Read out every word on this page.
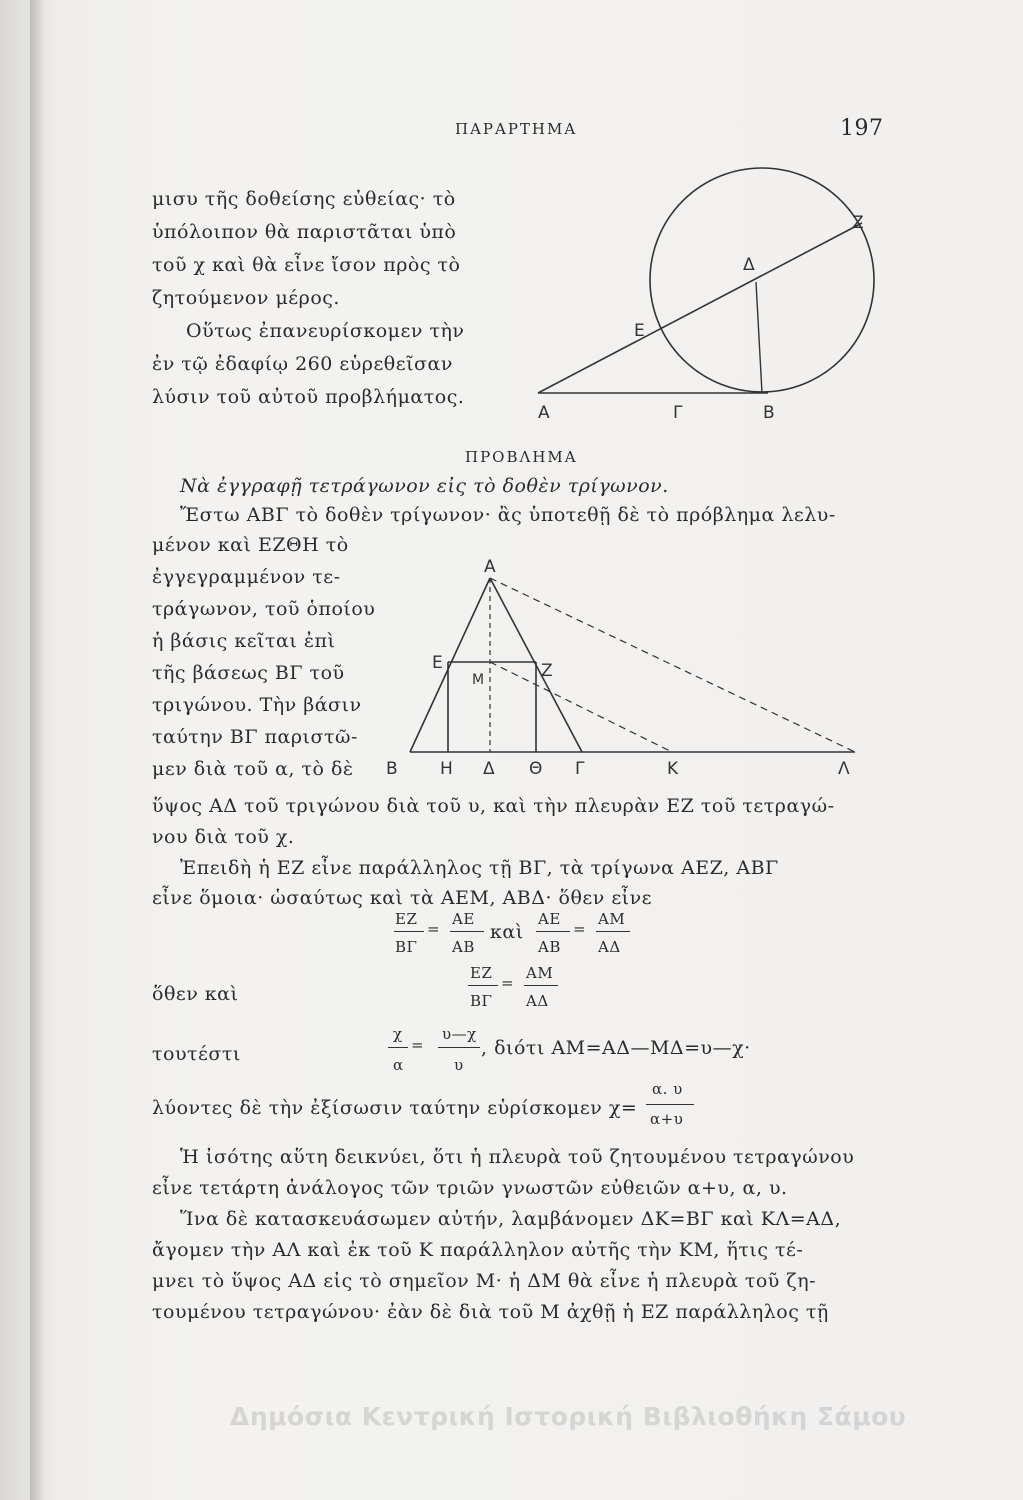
ΠΑΡΑΡΤΗΜΑ	197
μισυ τῆς δοθείσης εὐθείας· τὸ
ὑπόλοιπον θὰ παριστᾶται ὑπὸ
τοῦ χ καὶ θὰ εἶνε ἴσον πρὸς τὸ
ζητούμενον μέρος.
Οὕτως ἐπανευρίσκομεν τὴν
ἐν τῷ ἐδαφίῳ 260 εὑρεθεῖσαν
λύσιν τοῦ αὐτοῦ προβλήματος.
Α	Γ	Β
Ε
Δ
Ζ
ΠΡΟΒΛΗΜΑ
Νὰ ἐγγραφῇ τετράγωνον εἰς τὸ δοθὲν τρίγωνον.
Ἔστω ΑΒΓ τὸ δοθὲν τρίγωνον· ἂς ὑποτεθῇ δὲ τὸ πρόβλημα λελυ-
μένον καὶ ΕΖΘΗ τὸ
ἐγγεγραμμένον τε-
τράγωνον, τοῦ ὁποίου
ἡ βάσις κεῖται ἐπὶ
τῆς βάσεως ΒΓ τοῦ
τριγώνου. Τὴν βάσιν
ταύτην ΒΓ παριστῶ-
μεν διὰ τοῦ α, τὸ δὲ
ὕψος ΑΔ τοῦ τριγώνου διὰ τοῦ υ, καὶ τὴν πλευρὰν ΕΖ τοῦ τετραγώ-
νου διὰ τοῦ χ.
Ἐπειδὴ ἡ ΕΖ εἶνε παράλληλος τῇ ΒΓ, τὰ τρίγωνα ΑΕΖ, ΑΒΓ
εἶνε ὅμοια· ὡσαύτως καὶ τὰ ΑΕΜ, ΑΒΔ· ὅθεν εἶνε
Α
Ε
Μ	Ζ
Β Η Δ Θ Γ	Κ	Λ
ΕΖ
ΒΓ
=
ΑΕ
ΑΒ
καὶ
ΑΕ
ΑΒ
=
ΑΜ
ΑΔ
ὅθεν καὶ
ΕΖ
ΒΓ
=
ΑΜ
ΑΔ
τουτέστι
χ
α
=
υ—χ
υ
, διότι ΑΜ=ΑΔ—ΜΔ=υ—χ·
λύοντες δὲ τὴν ἐξίσωσιν ταύτην εὑρίσκομεν χ=
α. υ
α+υ
Ἡ ἰσότης αὕτη δεικνύει, ὅτι ἡ πλευρὰ τοῦ ζητουμένου τετραγώνου
εἶνε τετάρτη ἀνάλογος τῶν τριῶν γνωστῶν εὐθειῶν α+υ, α, υ.
Ἵνα δὲ κατασκευάσωμεν αὐτήν, λαμβάνομεν ΔΚ=ΒΓ καὶ ΚΛ=ΑΔ,
ἄγομεν τὴν ΑΛ καὶ ἐκ τοῦ Κ παράλληλον αὐτῆς τὴν ΚΜ, ἥτις τέ-
μνει τὸ ὕψος ΑΔ εἰς τὸ σημεῖον Μ· ἡ ΔΜ θὰ εἶνε ἡ πλευρὰ τοῦ ζη-
τουμένου τετραγώνου· ἐὰν δὲ διὰ τοῦ Μ ἀχθῇ ἡ ΕΖ παράλληλος τῇ
Δημόσια Κεντρική Ιστορική Βιβλιοθήκη Σάμου
